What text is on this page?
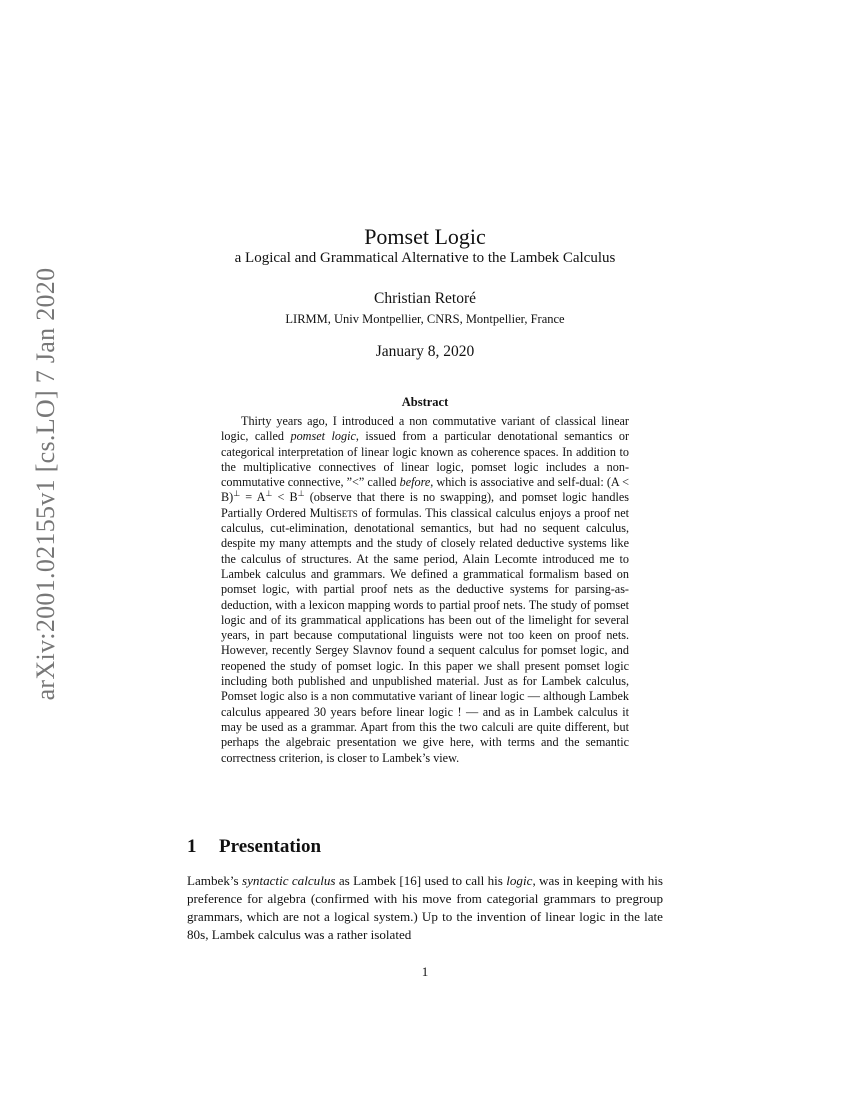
arXiv:2001.02155v1 [cs.LO] 7 Jan 2020
Pomset Logic
a Logical and Grammatical Alternative to the Lambek Calculus
Christian Retoré
LIRMM, Univ Montpellier, CNRS, Montpellier, France
January 8, 2020
Abstract
Thirty years ago, I introduced a non commutative variant of classical linear logic, called pomset logic, issued from a particular denotational semantics or categorical interpretation of linear logic known as coherence spaces. In addition to the multiplicative connectives of linear logic, pomset logic includes a non-commutative connective, ”<” called before, which is associative and self-dual: (A < B)⊥ = A⊥ < B⊥ (observe that there is no swapping), and pomset logic handles Partially Ordered Multisets of formulas. This classical calculus enjoys a proof net calculus, cut-elimination, denotational semantics, but had no sequent calculus, despite my many attempts and the study of closely related deductive systems like the calculus of structures. At the same period, Alain Lecomte introduced me to Lambek calculus and grammars. We defined a grammatical formalism based on pomset logic, with partial proof nets as the deductive systems for parsing-as-deduction, with a lexicon mapping words to partial proof nets. The study of pomset logic and of its grammatical applications has been out of the limelight for several years, in part because computational linguists were not too keen on proof nets. However, recently Sergey Slavnov found a sequent calculus for pomset logic, and reopened the study of pomset logic. In this paper we shall present pomset logic including both published and unpublished material. Just as for Lambek calculus, Pomset logic also is a non commutative variant of linear logic — although Lambek calculus appeared 30 years before linear logic ! — and as in Lambek calculus it may be used as a grammar. Apart from this the two calculi are quite different, but perhaps the algebraic presentation we give here, with terms and the semantic correctness criterion, is closer to Lambek’s view.
1 Presentation
Lambek’s syntactic calculus as Lambek [16] used to call his logic, was in keeping with his preference for algebra (confirmed with his move from categorial grammars to pregroup grammars, which are not a logical system.) Up to the invention of linear logic in the late 80s, Lambek calculus was a rather isolated
1
